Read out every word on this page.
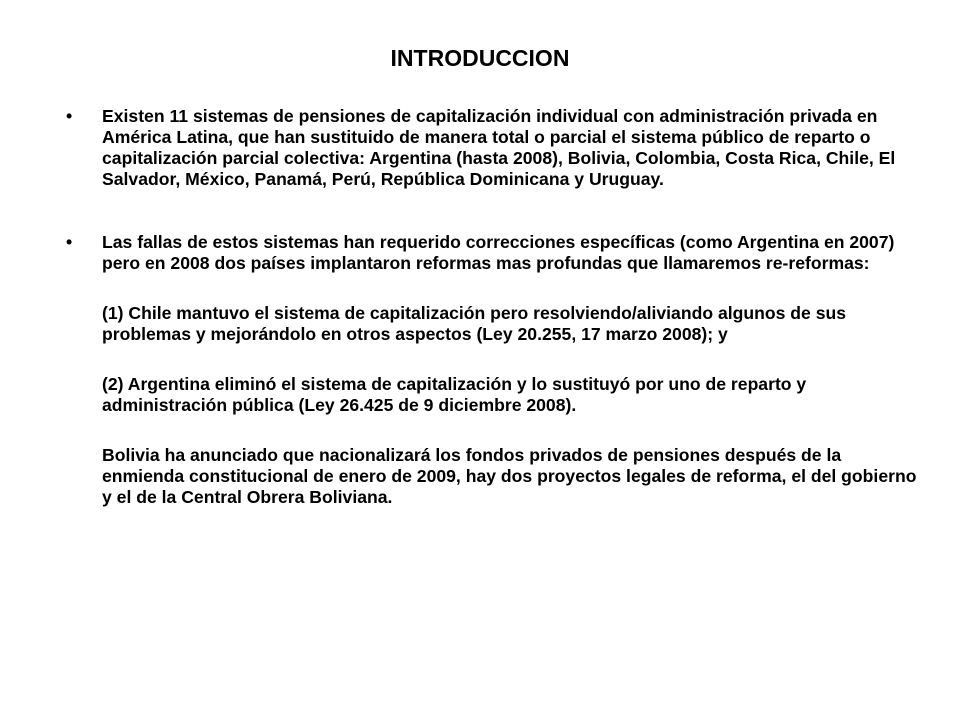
INTRODUCCION

•	Existen 11 sistemas de pensiones de capitalización individual con administración privada en América Latina, que han sustituido de manera total o parcial el sistema público de reparto o capitalización parcial colectiva: Argentina (hasta 2008), Bolivia, Colombia, Costa Rica, Chile, El Salvador, México, Panamá, Perú, República Dominicana y Uruguay.

•	Las fallas de estos sistemas han requerido correcciones específicas (como Argentina en 2007) pero en 2008 dos países implantaron reformas mas profundas que llamaremos re-reformas:

(1) Chile mantuvo el sistema de capitalización pero resolviendo/aliviando algunos de sus problemas y mejorándolo en otros aspectos (Ley 20.255, 17 marzo 2008); y

(2) Argentina eliminó el sistema de capitalización y lo sustituyó por uno de reparto y administración pública (Ley 26.425 de 9 diciembre 2008).

Bolivia ha anunciado que nacionalizará los fondos privados de pensiones después de la enmienda constitucional de enero de 2009, hay dos proyectos legales de reforma, el del gobierno y el de la Central Obrera Boliviana.
